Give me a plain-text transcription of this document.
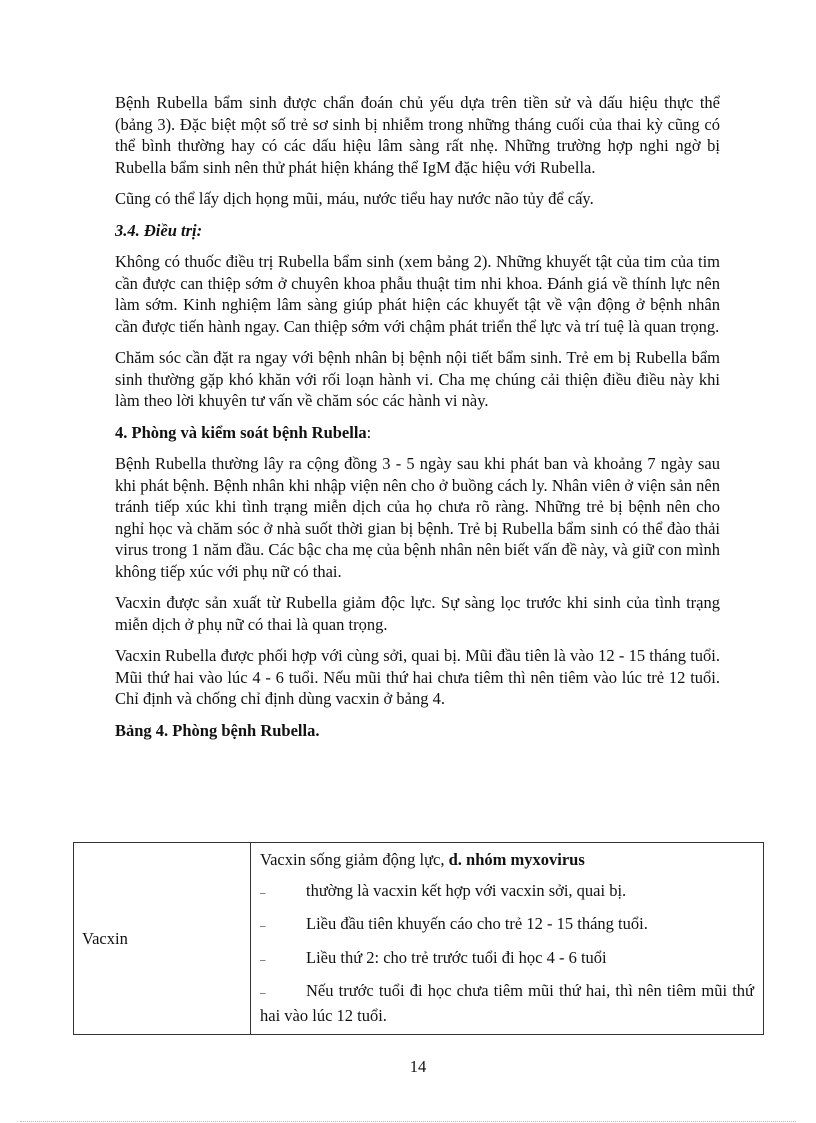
Bệnh Rubella bẩm sinh được chẩn đoán chủ yếu dựa trên tiền sử và dấu hiệu thực thể (bảng 3). Đặc biệt một số trẻ sơ sinh bị nhiễm trong những tháng cuối của thai kỳ cũng có thể bình thường hay có các dấu hiệu lâm sàng rất nhẹ. Những trường hợp nghi ngờ bị Rubella bẩm sinh nên thử phát hiện kháng thể IgM đặc hiệu với Rubella.

Cũng có thể lấy dịch họng mũi, máu, nước tiểu hay nước não tủy để cấy.

3.4. Điều trị:

Không có thuốc điều trị Rubella bẩm sinh (xem bảng 2). Những khuyết tật của tim của tim cần được can thiệp sớm ở chuyên khoa phẫu thuật tim nhi khoa. Đánh giá về thính lực nên làm sớm. Kinh nghiệm lâm sàng giúp phát hiện các khuyết tật về vận động ở bệnh nhân cần được tiến hành ngay. Can thiệp sớm với chậm phát triển thể lực và trí tuệ là quan trọng.

Chăm sóc cần đặt ra ngay với bệnh nhân bị bệnh nội tiết bẩm sinh. Trẻ em bị Rubella bẩm sinh thường gặp khó khăn với rối loạn hành vi. Cha mẹ chúng cải thiện điều điều này khi làm theo lời khuyên tư vấn về chăm sóc các hành vi này.

4. Phòng và kiểm soát bệnh Rubella:

Bệnh Rubella thường lây ra cộng đồng 3 - 5 ngày sau khi phát ban và khoảng 7 ngày sau khi phát bệnh. Bệnh nhân khi nhập viện nên cho ở buồng cách ly. Nhân viên ở viện sản nên tránh tiếp xúc khi tình trạng miễn dịch của họ chưa rõ ràng. Những trẻ bị bệnh nên cho nghỉ học và chăm sóc ở nhà suốt thời gian bị bệnh. Trẻ bị Rubella bẩm sinh có thể đào thải virus trong 1 năm đầu. Các bậc cha mẹ của bệnh nhân nên biết vấn đề này, và giữ con mình không tiếp xúc với phụ nữ có thai.

Vacxin được sản xuất từ Rubella giảm độc lực. Sự sàng lọc trước khi sinh của tình trạng miễn dịch ở phụ nữ có thai là quan trọng.

Vacxin Rubella được phối hợp với cùng sởi, quai bị. Mũi đầu tiên là vào 12 - 15 tháng tuổi. Mũi thứ hai vào lúc 4 - 6 tuổi. Nếu mũi thứ hai chưa tiêm thì nên tiêm vào lúc trẻ 12 tuổi. Chỉ định và chống chỉ định dùng vacxin ở bảng 4.

Bảng 4. Phòng bệnh Rubella.

Vacxin	
Vacxin sống giảm động lực, d. nhóm myxovirus
– thường là vacxin kết hợp với vacxin sởi, quai bị.
– Liều đầu tiên khuyến cáo cho trẻ 12 - 15 tháng tuổi.
– Liều thứ 2: cho trẻ trước tuổi đi học 4 - 6 tuổi
– Nếu trước tuổi đi học chưa tiêm mũi thứ hai, thì nên tiêm mũi thứ hai vào lúc 12 tuổi.
14
